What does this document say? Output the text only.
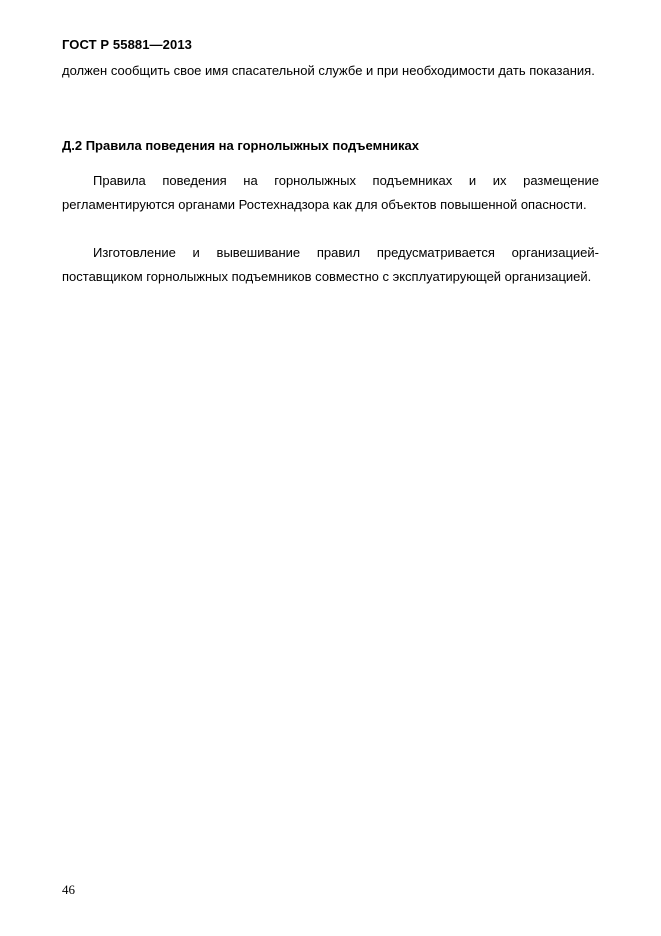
ГОСТ Р 55881—2013
должен сообщить свое имя спасательной службе и при необходимости дать показания.
Д.2 Правила поведения на горнолыжных подъемниках
Правила поведения на горнолыжных подъемниках и их размещение регламентируются органами Ростехнадзора как для объектов повышенной опасности.
Изготовление и вывешивание правил предусматривается организацией-поставщиком горнолыжных подъемников совместно с эксплуатирующей организацией.
46
